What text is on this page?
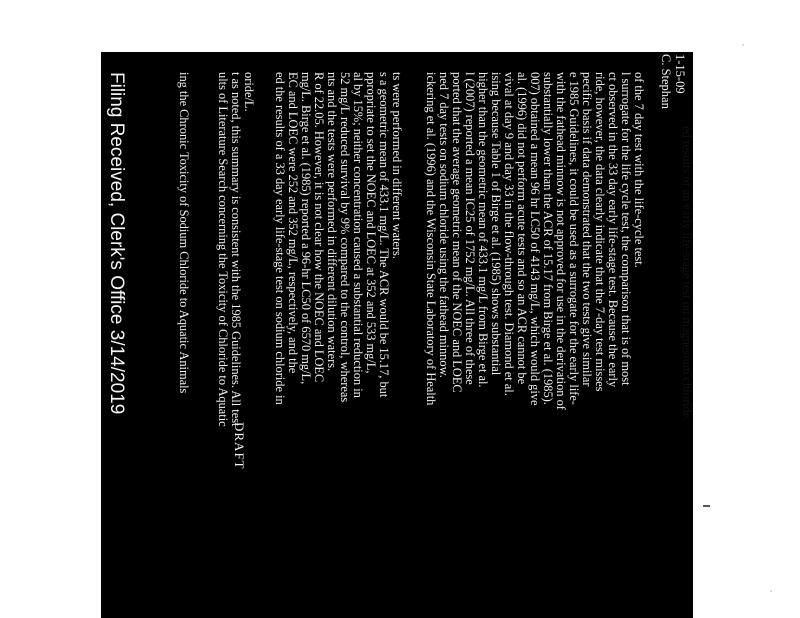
Filing Received, Clerk's Office 3/14/2019	1-15-09
C. Stephan
DRAFT
ing the Chronic Toxicity of Sodium Chloride to Aquatic Animals ults of Literature Search concerning the Toxicity of Chloride to Aquatic t as noted, this summary is consistent with the 1985 Guidelines. All test oride/L. ed the results of a 33 day early life-stage test on sodium chloride in EC and LOEC were 252 and 352 mg/L, respectively, and the mg/L. Birge et al. (1985) reported a 96-hr LC50 of 6570 mg/L, R of 22.05. However, it is not clear how the NOEC and LOEC nts and the tests were performed in different dilution waters. 52 mg/L reduced survival by 9% compared to the control, whereas al by 15%; neither concentration caused a substantial reduction in ppropriate to set the NOEC and LOEC at 352 and 533 mg/L, s a geometric mean of 433.1 mg/L. The ACR would be 15.17, but ts were performed in different waters. ickering et al. (1996) and the Wisconsin State Laboratory of Health ned 7 day tests on sodium chloride using the fathead minnow. ported that the average geometric mean of the NOEC and LOEC l (2007) reported a mean IC25 of 1752 mg/L. All three of these higher than the geometric mean of 433.1 mg/L from Birge et al. ising because Table 1 of Birge et al. (1985) shows substantial vival at day 9 and day 33 in the flow-through test. Diamond et al. al. (1996) did not perform acute tests and so an ACR cannot be 007) obtained a mean 96 hr LC50 of 4143 mg/L, which would give substantially lower than the ACR of 15.17 from Birge et al. (1985). with the fathead minnow is not approved for use in the derivation of e 1985 Guidelines, it could be used as a surrogate for the early life- pecific basis if data demonstrated that the two tests give similar ride, however, the data clearly indicate that the 7-day test misses ct observed in the 33 day early life-stage test. Because the early l surrogate for the life cycle test, the comparison that is of most of the 7 day test with the life-cycle test.	ed results of an early life-stage test on magnesium chloride.
